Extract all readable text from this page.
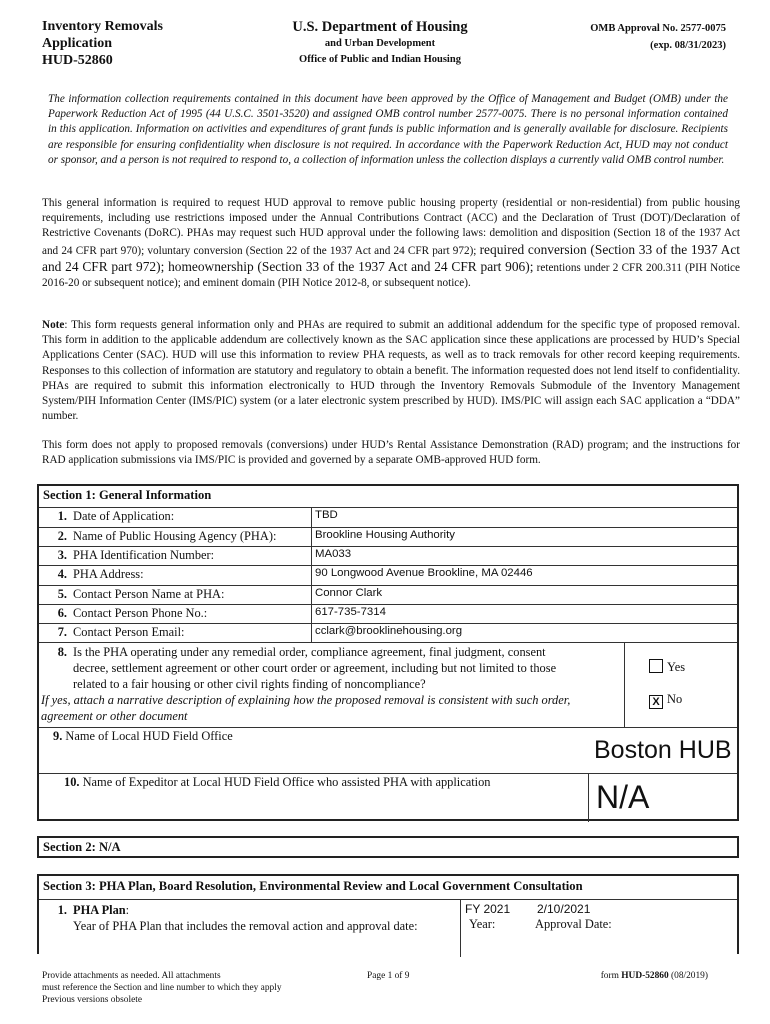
Inventory Removals
Application
HUD-52860
U.S. Department of Housing
and Urban Development
Office of Public and Indian Housing
OMB Approval No. 2577-0075
(exp. 08/31/2023)
The information collection requirements contained in this document have been approved by the Office of Management and Budget (OMB) under the Paperwork Reduction Act of 1995 (44 U.S.C. 3501-3520) and assigned OMB control number 2577-0075. There is no personal information contained in this application. Information on activities and expenditures of grant funds is public information and is generally available for disclosure. Recipients are responsible for ensuring confidentiality when disclosure is not required. In accordance with the Paperwork Reduction Act, HUD may not conduct or sponsor, and a person is not required to respond to, a collection of information unless the collection displays a currently valid OMB control number.
This general information is required to request HUD approval to remove public housing property (residential or non-residential) from public housing requirements, including use restrictions imposed under the Annual Contributions Contract (ACC) and the Declaration of Trust (DOT)/Declaration of Restrictive Covenants (DoRC). PHAs may request such HUD approval under the following laws: demolition and disposition (Section 18 of the 1937 Act and 24 CFR part 970); voluntary conversion (Section 22 of the 1937 Act and 24 CFR part 972); required conversion (Section 33 of the 1937 Act and 24 CFR part 972); homeownership (Section 33 of the 1937 Act and 24 CFR part 906); retentions under 2 CFR 200.311 (PIH Notice 2016-20 or subsequent notice); and eminent domain (PIH Notice 2012-8, or subsequent notice).
Note: This form requests general information only and PHAs are required to submit an additional addendum for the specific type of proposed removal. This form in addition to the applicable addendum are collectively known as the SAC application since these applications are processed by HUD’s Special Applications Center (SAC). HUD will use this information to review PHA requests, as well as to track removals for other record keeping requirements. Responses to this collection of information are statutory and regulatory to obtain a benefit. The information requested does not lend itself to confidentiality. PHAs are required to submit this information electronically to HUD through the Inventory Removals Submodule of the Inventory Management System/PIH Information Center (IMS/PIC) system (or a later electronic system prescribed by HUD). IMS/PIC will assign each SAC application a “DDA” number.
This form does not apply to proposed removals (conversions) under HUD’s Rental Assistance Demonstration (RAD) program; and the instructions for RAD application submissions via IMS/PIC is provided and governed by a separate OMB-approved HUD form.
Section 1: General Information
1. Date of Application:	TBD
2. Name of Public Housing Agency (PHA):	Brookline Housing Authority
3. PHA Identification Number:	MA033
4. PHA Address:	90 Longwood Avenue Brookline, MA 02446
5. Contact Person Name at PHA:	Connor Clark
6. Contact Person Phone No.:	617-735-7314
7. Contact Person Email:	cclark@brooklinehousing.org
8. Is the PHA operating under any remedial order, compliance agreement, final judgment, consent decree, settlement agreement or other court order or agreement, including but not limited to those related to a fair housing or other civil rights finding of noncompliance?
If yes, attach a narrative description of explaining how the proposed removal is consistent with such order, agreement or other document
Yes
X No
9. Name of Local HUD Field Office	Boston HUB
10. Name of Expeditor at Local HUD Field Office who assisted PHA with application	N/A
Section 2: N/A
Section 3: PHA Plan, Board Resolution, Environmental Review and Local Government Consultation
1. PHA Plan:
Year of PHA Plan that includes the removal action and approval date:
FY 2021 2/10/2021
Year:	Approval Date:
Provide attachments as needed. All attachments
must reference the Section and line number to which they apply
Previous versions obsolete
Page 1 of 9	form HUD-52860 (08/2019)
